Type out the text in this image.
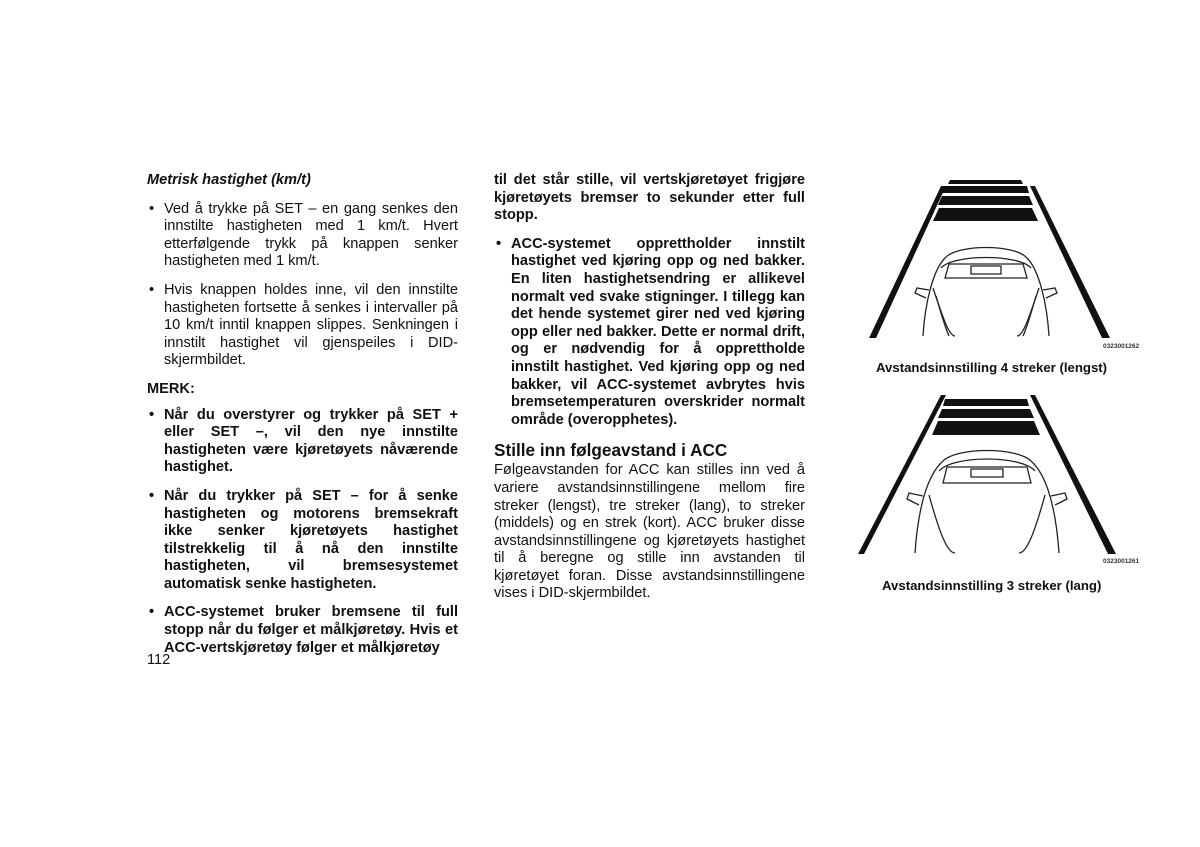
Metrisk hastighet (km/t)
• Ved å trykke på SET – en gang senkes den innstilte hastigheten med 1 km/t. Hvert etterfølgende trykk på knappen senker hastigheten med 1 km/t.
• Hvis knappen holdes inne, vil den innstilte hastigheten fortsette å senkes i intervaller på 10 km/t inntil knappen slippes. Senkningen i innstilt hastighet vil gjenspeiles i DID-skjermbildet.
MERK:
• Når du overstyrer og trykker på SET + eller SET –, vil den nye innstilte hastigheten være kjøretøyets nåværende hastighet.
• Når du trykker på SET – for å senke hastigheten og motorens bremsekraft ikke senker kjøretøyets hastighet tilstrekkelig til å nå den innstilte hastigheten, vil bremsesystemet automatisk senke hastigheten.
• ACC-systemet bruker bremsene til full stopp når du følger et målkjøretøy. Hvis et ACC-vertskjøretøy følger et målkjøretøy
til det står stille, vil vertskjøretøyet frigjøre kjøretøyets bremser to sekunder etter full stopp.
• ACC-systemet opprettholder innstilt hastighet ved kjøring opp og ned bakker. En liten hastighetsendring er allikevel normalt ved svake stigninger. I tillegg kan det hende systemet girer ned ved kjøring opp eller ned bakker. Dette er normal drift, og er nødvendig for å opprettholde innstilt hastighet. Ved kjøring opp og ned bakker, vil ACC-systemet avbrytes hvis bremsetemperaturen overskrider normalt område (overopphetes).
Stille inn følgeavstand i ACC

Følgeavstanden for ACC kan stilles inn ved å variere avstandsinnstillingene mellom fire streker (lengst), tre streker (lang), to streker (middels) og en strek (kort). ACC bruker disse avstandsinnstillingene og kjøretøyets hastighet til å beregne og stille inn avstanden til kjøretøyet foran. Disse avstandsinnstillingene vises i DID-skjermbildet.

112
0323001262
Avstandsinnstilling 4 streker (lengst)
0323001261
Avstandsinnstilling 3 streker (lang)
